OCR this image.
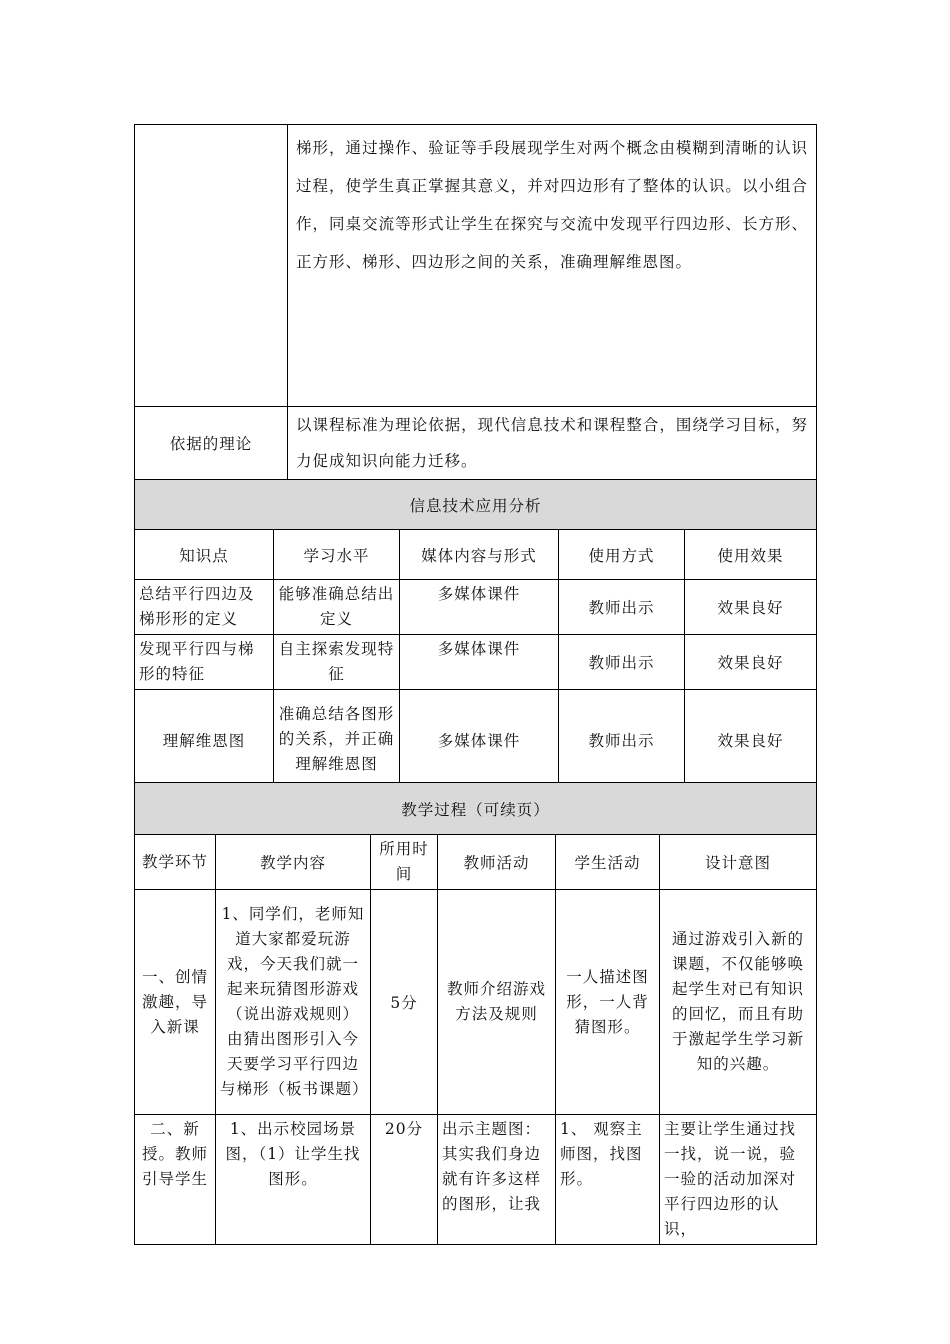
	梯形，通过操作、验证等手段展现学生对两个概念由模糊到清晰的认识过程，使学生真正掌握其意义，并对四边形有了整体的认识。以小组合作，同桌交流等形式让学生在探究与交流中发现平行四边形、长方形、正方形、梯形、四边形之间的关系，准确理解维恩图。
依据的理论	以课程标准为理论依据，现代信息技术和课程整合，围绕学习目标，努力促成知识向能力迁移。
信息技术应用分析				
知识点	学习水平	媒体内容与形式	使用方式	使用效果
总结平行四边及梯形形的定义	能够准确总结出定义	多媒体课件	教师出示	效果良好
发现平行四与梯形的特征	自主探索发现特征	多媒体课件	教师出示	效果良好
理解维恩图	准确总结各图形的关系，并正确理解维恩图	多媒体课件	教师出示	效果良好
教学过程（可续页）					
教学环节	教学内容	所用时间	教师活动	学生活动	设计意图
一、创情激趣，导入新课	1、同学们，老师知道大家都爱玩游戏，今天我们就一起来玩猜图形游戏（说出游戏规则）由猜出图形引入今天要学习平行四边与梯形（板书课题）	5分	教师介绍游戏方法及规则	一人描述图形，一人背猜图形。	通过游戏引入新的课题，不仅能够唤起学生对已有知识的回忆，而且有助于激起学生学习新知的兴趣。
二、新授。教师引导学生	1、出示校园场景图，（1）让学生找图形。	20分	出示主题图：其实我们身边就有许多这样的图形，让我	1、 观察主师图，找图形。	主要让学生通过找一找，说一说，验一验的活动加深对平行四边形的认识，
